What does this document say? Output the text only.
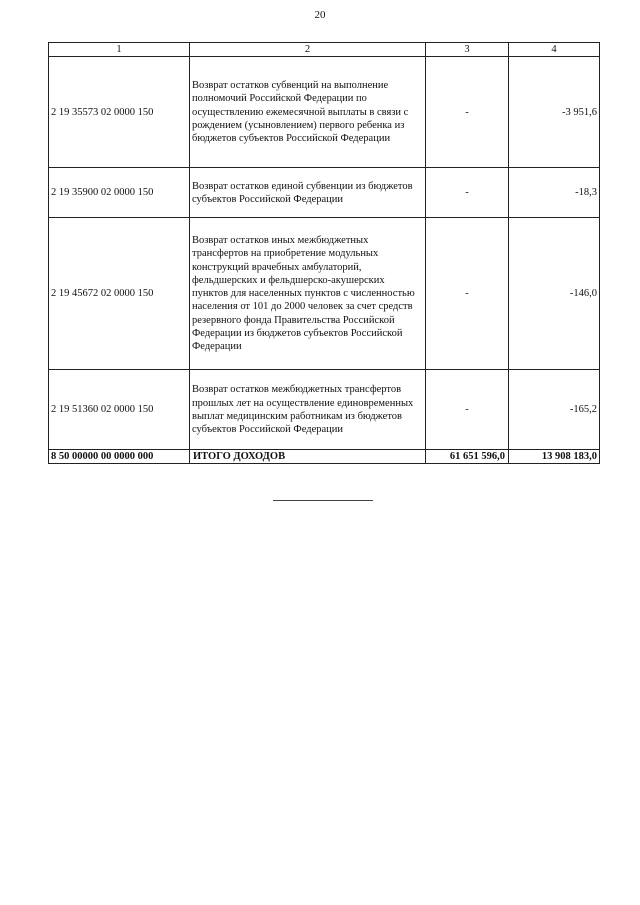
20
1	2	3	4
2 19 35573 02 0000 150	Возврат остатков субвенций на выполнение полномочий Российской Федерации по осуществлению ежемесячной выплаты в связи с рождением (усыновлением) первого ребенка из бюджетов субъектов Российской Федерации	-	-3 951,6
2 19 35900 02 0000 150	Возврат остатков единой субвенции из бюджетов субъектов Российской Федерации	-	-18,3
2 19 45672 02 0000 150	Возврат остатков иных межбюджетных трансфертов на приобретение модульных конструкций врачебных амбулаторий, фельдшерских и фельдшерско-акушерских пунктов для населенных пунктов с численностью населения от 101 до 2000 человек за счет средств резервного фонда Правительства Российской Федерации из бюджетов субъектов Российской Федерации	-	-146,0
2 19 51360 02 0000 150	Возврат остатков межбюджетных трансфертов прошлых лет на осуществление единовременных выплат медицинским работникам из бюджетов субъектов Российской Федерации	-	-165,2
8 50 00000 00 0000 000	ИТОГО ДОХОДОВ	61 651 596,0	13 908 183,0
